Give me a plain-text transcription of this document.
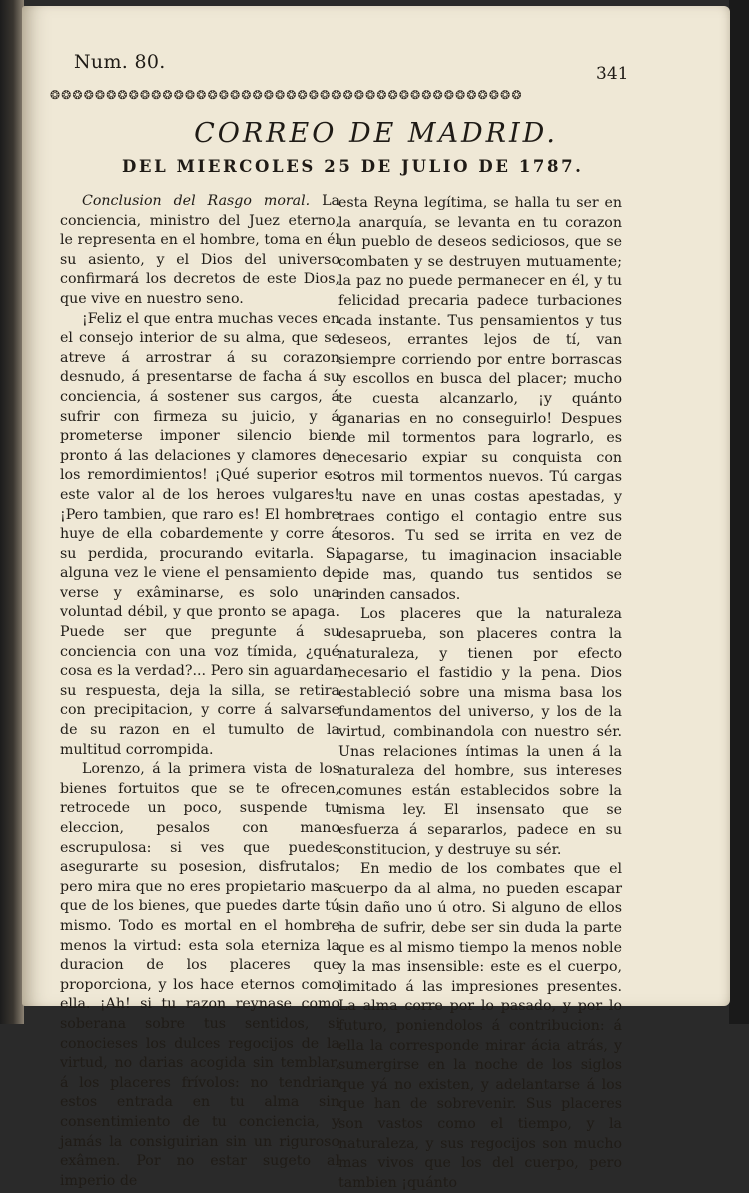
Num. 80.
341
❂❂❂❂❂❂❂❂❂❂❂❂❂❂❂❂❂❂❂❂❂❂❂❂❂❂❂❂❂❂❂❂❂❂❂❂❂❂❂❂❂❂
CORREO DE MADRID.
DEL MIERCOLES 25 DE JULIO DE 1787.

Conclusion del Rasgo moral. La conciencia, ministro del Juez eterno, le representa en el hombre, toma en él su asiento, y el Dios del universo confirmará los decretos de este Dios, que vive en nuestro seno.

¡Feliz el que entra muchas veces en el consejo interior de su alma, que se atreve á arrostrar á su corazon desnudo, á presentarse de facha á su conciencia, á sostener sus cargos, á sufrir con firmeza su juicio, y á prometerse imponer silencio bien pronto á las delaciones y clamores de los remordimientos! ¡Qué superior es este valor al de los heroes vulgares! ¡Pero tambien, que raro es! El hombre huye de ella cobardemente y corre á su perdida, procurando evitarla. Si alguna vez le viene el pensamiento de verse y exâminarse, es solo una voluntad débil, y que pronto se apaga. Puede ser que pregunte á su conciencia con una voz tímida, ¿qué cosa es la verdad?... Pero sin aguardar su respuesta, deja la silla, se retira con precipitacion, y corre á salvarse de su razon en el tumulto de la multitud corrompida.

Lorenzo, á la primera vista de los bienes fortuitos que se te ofrecen, retrocede un poco, suspende tu eleccion, pesalos con mano escrupulosa: si ves que puedes asegurarte su posesion, disfrutalos; pero mira que no eres propietario mas que de los bienes, que puedes darte tú mismo. Todo es mortal en el hombre menos la virtud: esta sola eterniza la duracion de los placeres que proporciona, y los hace eternos como ella. ¡Ah! si tu razon reynase como soberana sobre tus sentidos, si conocieses los dulces regocijos de la virtud, no darias acogida sin temblar, á los placeres frívolos: no tendrian estos entrada en tu alma sin consentimiento de tu conciencia, y jamás la consiguirian sin un riguroso exâmen. Por no estar sugeto al imperio de

esta Reyna legítima, se halla tu ser en la anarquía, se levanta en tu corazon un pueblo de deseos sediciosos, que se combaten y se destruyen mutuamente; la paz no puede permanecer en él, y tu felicidad precaria padece turbaciones cada instante. Tus pensamientos y tus deseos, errantes lejos de tí, van siempre corriendo por entre borrascas y escollos en busca del placer; mucho te cuesta alcanzarlo, ¡y quánto ganarias en no conseguirlo! Despues de mil tormentos para lograrlo, es necesario expiar su conquista con otros mil tormentos nuevos. Tú cargas tu nave en unas costas apestadas, y traes contigo el contagio entre sus tesoros. Tu sed se irrita en vez de apagarse, tu imaginacion insaciable pide mas, quando tus sentidos se rinden cansados.

Los placeres que la naturaleza desaprueba, son placeres contra la naturaleza, y tienen por efecto necesario el fastidio y la pena. Dios estableció sobre una misma basa los fundamentos del universo, y los de la virtud, combinandola con nuestro sér. Unas relaciones íntimas la unen á la naturaleza del hombre, sus intereses comunes están establecidos sobre la misma ley. El insensato que se esfuerza á separarlos, padece en su constitucion, y destruye su sér.

En medio de los combates que el cuerpo da al alma, no pueden escapar sin daño uno ú otro. Si alguno de ellos ha de sufrir, debe ser sin duda la parte que es al mismo tiempo la menos noble y la mas insensible: este es el cuerpo, limitado á las impresiones presentes. La alma corre por lo pasado, y por lo futuro, poniendolos á contribucion: á ella la corresponde mirar ácia atrás, y sumergirse en la noche de los siglos que yá no existen, y adelantarse á los que han de sobrevenir. Sus placeres son vastos como el tiempo, y la naturaleza, y sus regocijos son mucho mas vivos que los del cuerpo, pero tambien ¡quánto
